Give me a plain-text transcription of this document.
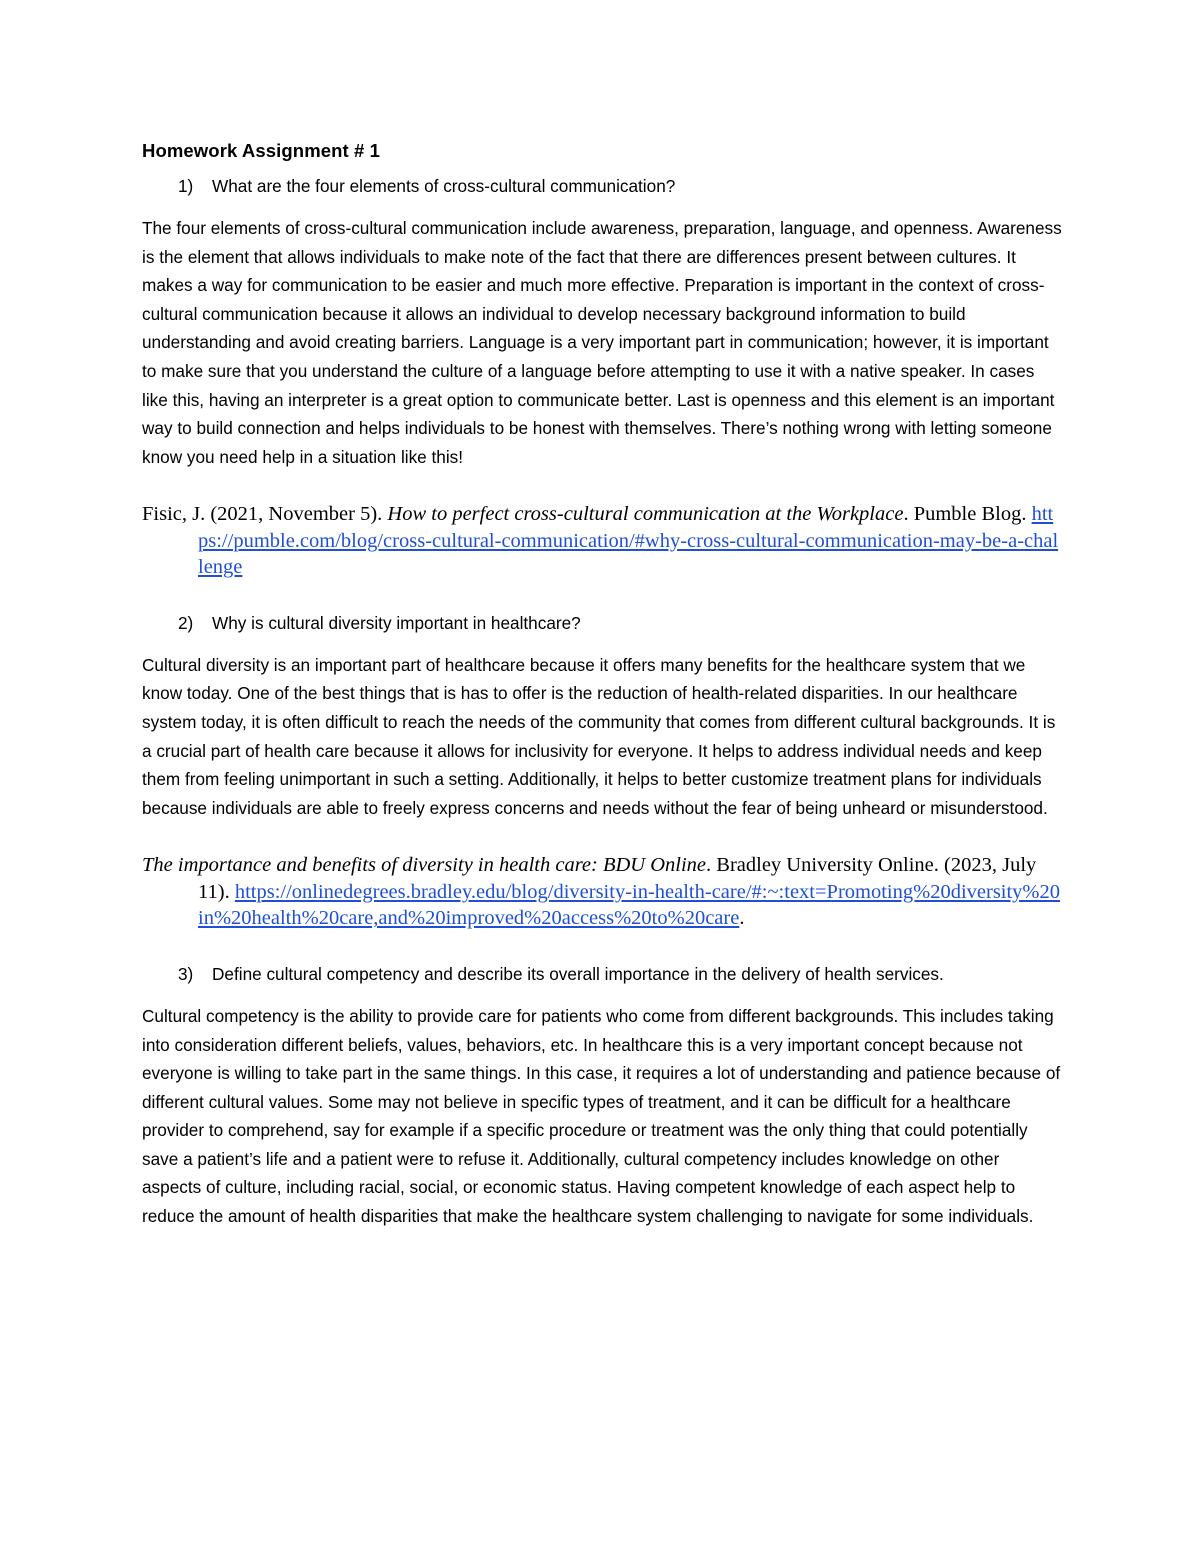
Homework Assignment # 1
1)	What are the four elements of cross-cultural communication?

The four elements of cross-cultural communication include awareness, preparation, language, and openness. Awareness is the element that allows individuals to make note of the fact that there are differences present between cultures. It makes a way for communication to be easier and much more effective. Preparation is important in the context of cross-cultural communication because it allows an individual to develop necessary background information to build understanding and avoid creating barriers. Language is a very important part in communication; however, it is important to make sure that you understand the culture of a language before attempting to use it with a native speaker. In cases like this, having an interpreter is a great option to communicate better. Last is openness and this element is an important way to build connection and helps individuals to be honest with themselves. There’s nothing wrong with letting someone know you need help in a situation like this!

Fisic, J. (2021, November 5). How to perfect cross-cultural communication at the Workplace. Pumble Blog. https://pumble.com/blog/cross-cultural-communication/#why-cross-cultural-communication-may-be-a-challenge

2)	Why is cultural diversity important in healthcare?

Cultural diversity is an important part of healthcare because it offers many benefits for the healthcare system that we know today. One of the best things that is has to offer is the reduction of health-related disparities. In our healthcare system today, it is often difficult to reach the needs of the community that comes from different cultural backgrounds. It is a crucial part of health care because it allows for inclusivity for everyone. It helps to address individual needs and keep them from feeling unimportant in such a setting. Additionally, it helps to better customize treatment plans for individuals because individuals are able to freely express concerns and needs without the fear of being unheard or misunderstood.

The importance and benefits of diversity in health care: BDU Online. Bradley University Online. (2023, July 11). https://onlinedegrees.bradley.edu/blog/diversity-in-health-care/#:~:text=Promoting%20diversity%20in%20health%20care,and%20improved%20access%20to%20care.

3)	Define cultural competency and describe its overall importance in the delivery of health services.

Cultural competency is the ability to provide care for patients who come from different backgrounds. This includes taking into consideration different beliefs, values, behaviors, etc. In healthcare this is a very important concept because not everyone is willing to take part in the same things. In this case, it requires a lot of understanding and patience because of different cultural values. Some may not believe in specific types of treatment, and it can be difficult for a healthcare provider to comprehend, say for example if a specific procedure or treatment was the only thing that could potentially save a patient’s life and a patient were to refuse it. Additionally, cultural competency includes knowledge on other aspects of culture, including racial, social, or economic status. Having competent knowledge of each aspect help to reduce the amount of health disparities that make the healthcare system challenging to navigate for some individuals.
